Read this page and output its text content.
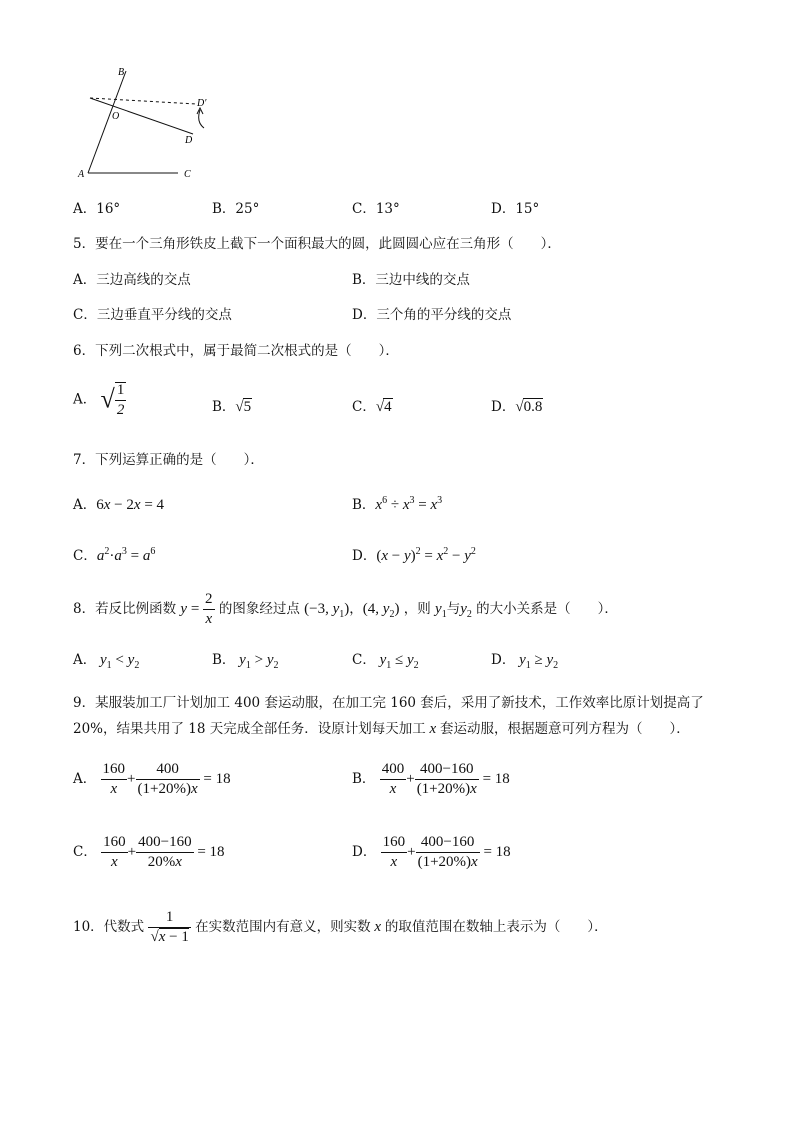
B
O
D′
D
A	C
A．16°	B．25°	C．13°	D．15°
5．要在一个三角形铁皮上截下一个面积最大的圆，此圆圆心应在三角形（　　）．
A．三边高线的交点	B．三边中线的交点
C．三边垂直平分线的交点	D．三个角的平分线的交点
6．下列二次根式中，属于最简二次根式的是（　　）．
A． √ $\frac{1}{2}$	B．√5	C．√4	D．√0.8
7．下列运算正确的是（　　）．
A．6x − 2x = 4	B．$x^6 \div x^3 = x^3$
C．$a^2\cdot a^3 = a^6$	D．$(x - y)^2 = x^2 - y^2$
8．若反比例函数 $y = \frac{2}{x}$ 的图象经过点 (−3, $y_1$)，(4, $y_2$) ，则 $y_1$与$y_2$ 的大小关系是（　　）．
A． $y_1 < y_2$	B． $y_1 > y_2$	C． $y_1 \le y_2$	D． $y_1 \ge y_2$
9．某服装加工厂计划加工 400 套运动服，在加工完 160 套后，采用了新技术，工作效率比原计划提高了
20%，结果共用了 18 天完成全部任务．设原计划每天加工 x 套运动服，根据题意可列方程为（　　）．
A． $\frac{160}{x} + \frac{400}{(1+20\%)x} = 18$	B． $\frac{400}{x} + \frac{400-160}{(1+20\%)x} = 18$
C． $\frac{160}{x} + \frac{400-160}{20\%x} = 18$	D． $\frac{160}{x} + \frac{400-160}{(1+20\%)x} = 18$
10．代数式 $\frac{1}{√x - 1}$ 在实数范围内有意义，则实数 x 的取值范围在数轴上表示为（　　）．
